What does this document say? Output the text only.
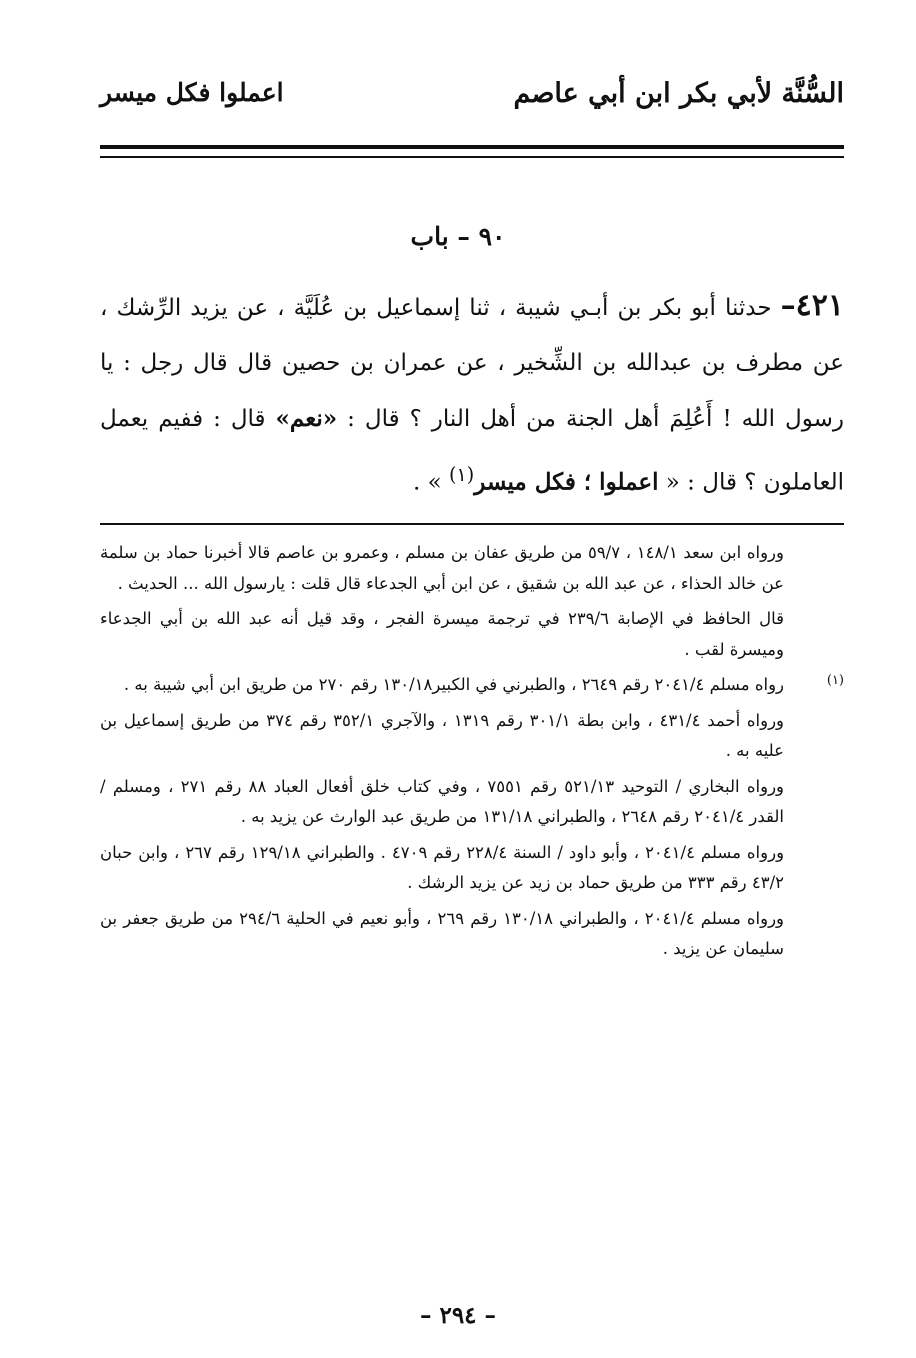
السُّنَّة لأبي بكر ابن أبي عاصم
اعملوا فكل ميسر
٩٠ – باب
٤٢١– حدثنا أبو بكر بن أبـي شيبة ، ثنا إسماعيل بن عُلَيَّة ، عن يزيد الرِّشك ، عن مطرف بن عبدالله بن الشِّخير ، عن عمران بن حصين قال قال رجل : يا رسول الله ! أَعُلِمَ أهل الجنة من أهل النار ؟ قال : «نعم» قال : ففيم يعمل العاملون ؟ قال : « اعملوا ؛ فكل ميسر$^{(١)}$ » .
ورواه ابن سعد ١٤٨/١ ، ٥٩/٧ من طريق عفان بن مسلم ، وعمرو بن عاصم قالا أخبرنا حماد بن سلمة عن خالد الحذاء ، عن عبد الله بن شقيق ، عن ابن أبي الجدعاء قال قلت : يارسول الله ... الحديث .
قال الحافظ في الإصابة ٢٣٩/٦ في ترجمة ميسرة الفجر ، وقد قيل أنه عبد الله بن أبي الجدعاء وميسرة لقب .
(١)
رواه مسلم ٢٠٤١/٤ رقم ٢٦٤٩ ، والطبرني في الكبير١٣٠/١٨ رقم ٢٧٠ من طريق ابن أبي شيبة به .
ورواه أحمد ٤٣١/٤ ، وابن بطة ٣٠١/١ رقم ١٣١٩ ، والآجري ٣٥٢/١ رقم ٣٧٤ من طريق إسماعيل بن عليه به .
ورواه البخاري / التوحيد ٥٢١/١٣ رقم ٧٥٥١ ، وفي كتاب خلق أفعال العباد ٨٨ رقم ٢٧١ ، ومسلم / القدر ٢٠٤١/٤ رقم ٢٦٤٨ ، والطبراني ١٣١/١٨ من طريق عبد الوارث عن يزيد به .
ورواه مسلم ٢٠٤١/٤ ، وأبو داود / السنة ٢٢٨/٤ رقم ٤٧٠٩ . والطبراني ١٢٩/١٨ رقم ٢٦٧ ، وابن حبان ٤٣/٢ رقم ٣٣٣ من طريق حماد بن زيد عن يزيد الرشك .
ورواه مسلم ٢٠٤١/٤ ، والطبراني ١٣٠/١٨ رقم ٢٦٩ ، وأبو نعيم في الحلية ٢٩٤/٦ من طريق جعفر بن سليمان عن يزيد .
– ٢٩٤ –
